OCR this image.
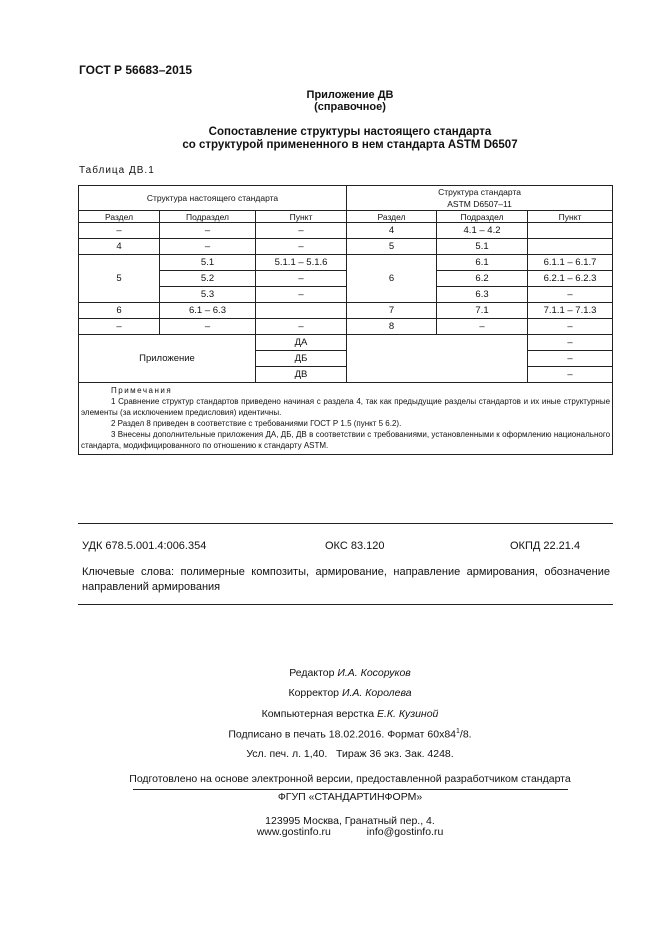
ГОСТ Р 56683–2015
Приложение ДВ
(справочное)
Сопоставление структуры настоящего стандарта
со структурой примененного в нем стандарта ASTM D6507
Таблица ДВ.1
Структура настоящего стандарта			Структура стандарта
ASTM D6507–11		

Раздел	Подраздел	Пункт	Раздел	Подраздел	Пункт
–	–	–	4	4.1 – 4.2	
4	–	–	5	5.1	
5	5.1	5.1.1 – 5.1.6	6	6.1	6.1.1 – 6.1.7
	5.2	–		6.2	6.2.1 – 6.2.3
	5.3	–		6.3	–
6	6.1 – 6.3		7	7.1	7.1.1 – 7.1.3
–	–	–	8	–	–
Приложение		ДА			–
		ДБ			–
		ДВ			–

Примечания
1 Сравнение структур стандартов приведено начиная с раздела 4, так как предыдущие разделы стандартов и их иные структурные элементы (за исключением предисловия) идентичны.
2 Раздел 8 приведен в соответствие с требованиями ГОСТ Р 1.5 (пункт 5 6.2).
3 Внесены дополнительные приложения ДА, ДБ, ДВ в соответствии с требованиями, установленными к оформлению национального стандарта, модифицированного по отношению к стандарту ASTM.					
УДК 678.5.001.4:006.354	ОКС 83.120	ОКПД 22.21.4
Ключевые слова: полимерные композиты, армирование, направление армирования, обозначение направлений армирования
Редактор И.А. Косоруков
Корректор И.А. Королева
Компьютерная верстка Е.К. Кузиной
Подписано в печать 18.02.2016. Формат $60x84^1/8$.
Усл. печ. л. 1,40.   Тираж 36 экз. Зак. 4248.
Подготовлено на основе электронной версии, предоставленной разработчиком стандарта
ФГУП «СТАНДАРТИНФОРМ»
123995 Москва, Гранатный пер., 4.
www.gostinfo.ru	info@gostinfo.ru
